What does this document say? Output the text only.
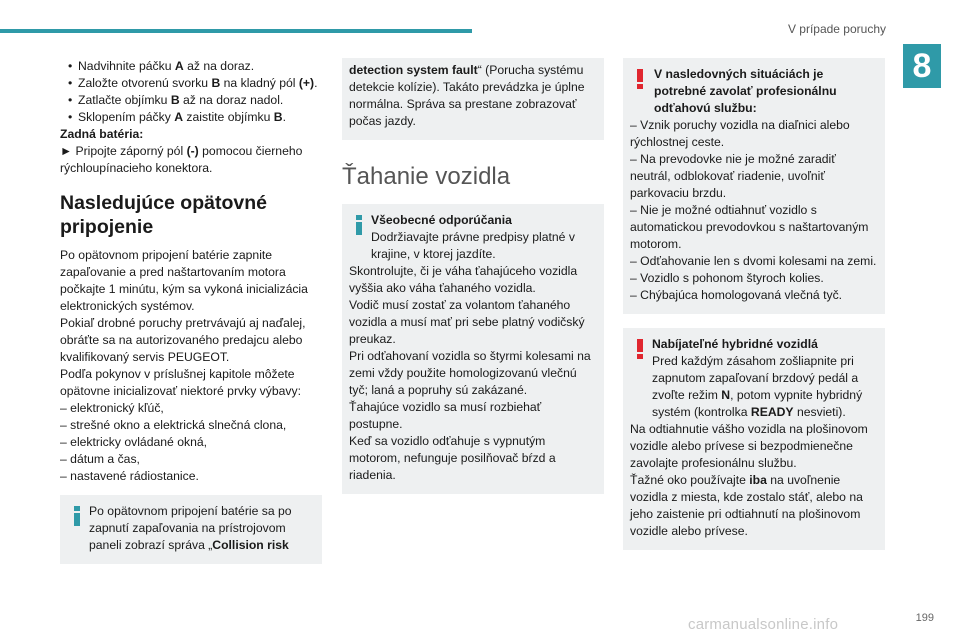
V prípade poruchy
8
• Nadvihnite páčku A až na doraz.
• Založte otvorenú svorku B na kladný pól (+).
• Zatlačte objímku B až na doraz nadol.
• Sklopením páčky A zaistite objímku B.

Zadná batéria:

► Pripojte záporný pól (-) pomocou čierneho rýchloupínacieho konektora.

Nasledujúce opätovné pripojenie

Po opätovnom pripojení batérie zapnite zapaľovanie a pred naštartovaním motora počkajte 1 minútu, kým sa vykoná inicializácia elektronických systémov.

Pokiaľ drobné poruchy pretrvávajú aj naďalej, obráťte sa na autorizovaného predajcu alebo kvalifikovaný servis PEUGEOT.

Podľa pokynov v príslušnej kapitole môžete opätovne inicializovať niektoré prvky výbavy:

– elektronický kľúč,

– strešné okno a elektrická slnečná clona,

– elektricky ovládané okná,

– dátum a čas,

– nastavené rádiostanice.

Po opätovnom pripojení batérie sa po zapnutí zapaľovania na prístrojovom paneli zobrazí správa „Collision risk

detection system fault“ (Porucha systému detekcie kolízie). Takáto prevádzka je úplne normálna. Správa sa prestane zobrazovať počas jazdy.

Ťahanie vozidla

Všeobecné odporúčania

Dodržiavajte právne predpisy platné v krajine, v ktorej jazdíte.

Skontrolujte, či je váha ťahajúceho vozidla vyššia ako váha ťahaného vozidla.

Vodič musí zostať za volantom ťahaného vozidla a musí mať pri sebe platný vodičský preukaz.

Pri odťahovaní vozidla so štyrmi kolesami na zemi vždy použite homologizovanú vlečnú tyč; laná a popruhy sú zakázané.

Ťahajúce vozidlo sa musí rozbiehať postupne.

Keď sa vozidlo odťahuje s vypnutým motorom, nefunguje posilňovač bŕzd a riadenia.

V nasledovných situáciách je potrebné zavolať profesionálnu odťahovú službu:

– Vznik poruchy vozidla na diaľnici alebo rýchlostnej ceste.

– Na prevodovke nie je možné zaradiť neutrál, odblokovať riadenie, uvoľniť parkovaciu brzdu.

– Nie je možné odtiahnuť vozidlo s automatickou prevodovkou s naštartovaným motorom.

– Odťahovanie len s dvomi kolesami na zemi.

– Vozidlo s pohonom štyroch kolies.

– Chýbajúca homologovaná vlečná tyč.

Nabíjateľné hybridné vozidlá

Pred každým zásahom zošliapnite pri zapnutom zapaľovaní brzdový pedál a zvoľte režim N, potom vypnite hybridný systém (kontrolka READY nesvieti).

Na odtiahnutie vášho vozidla na plošinovom vozidle alebo prívese si bezpodmienečne zavolajte profesionálnu službu.

Ťažné oko používajte iba na uvoľnenie vozidla z miesta, kde zostalo stáť, alebo na jeho zaistenie pri odtiahnutí na plošinovom vozidle alebo prívese.

199
carmanualsonline.info
